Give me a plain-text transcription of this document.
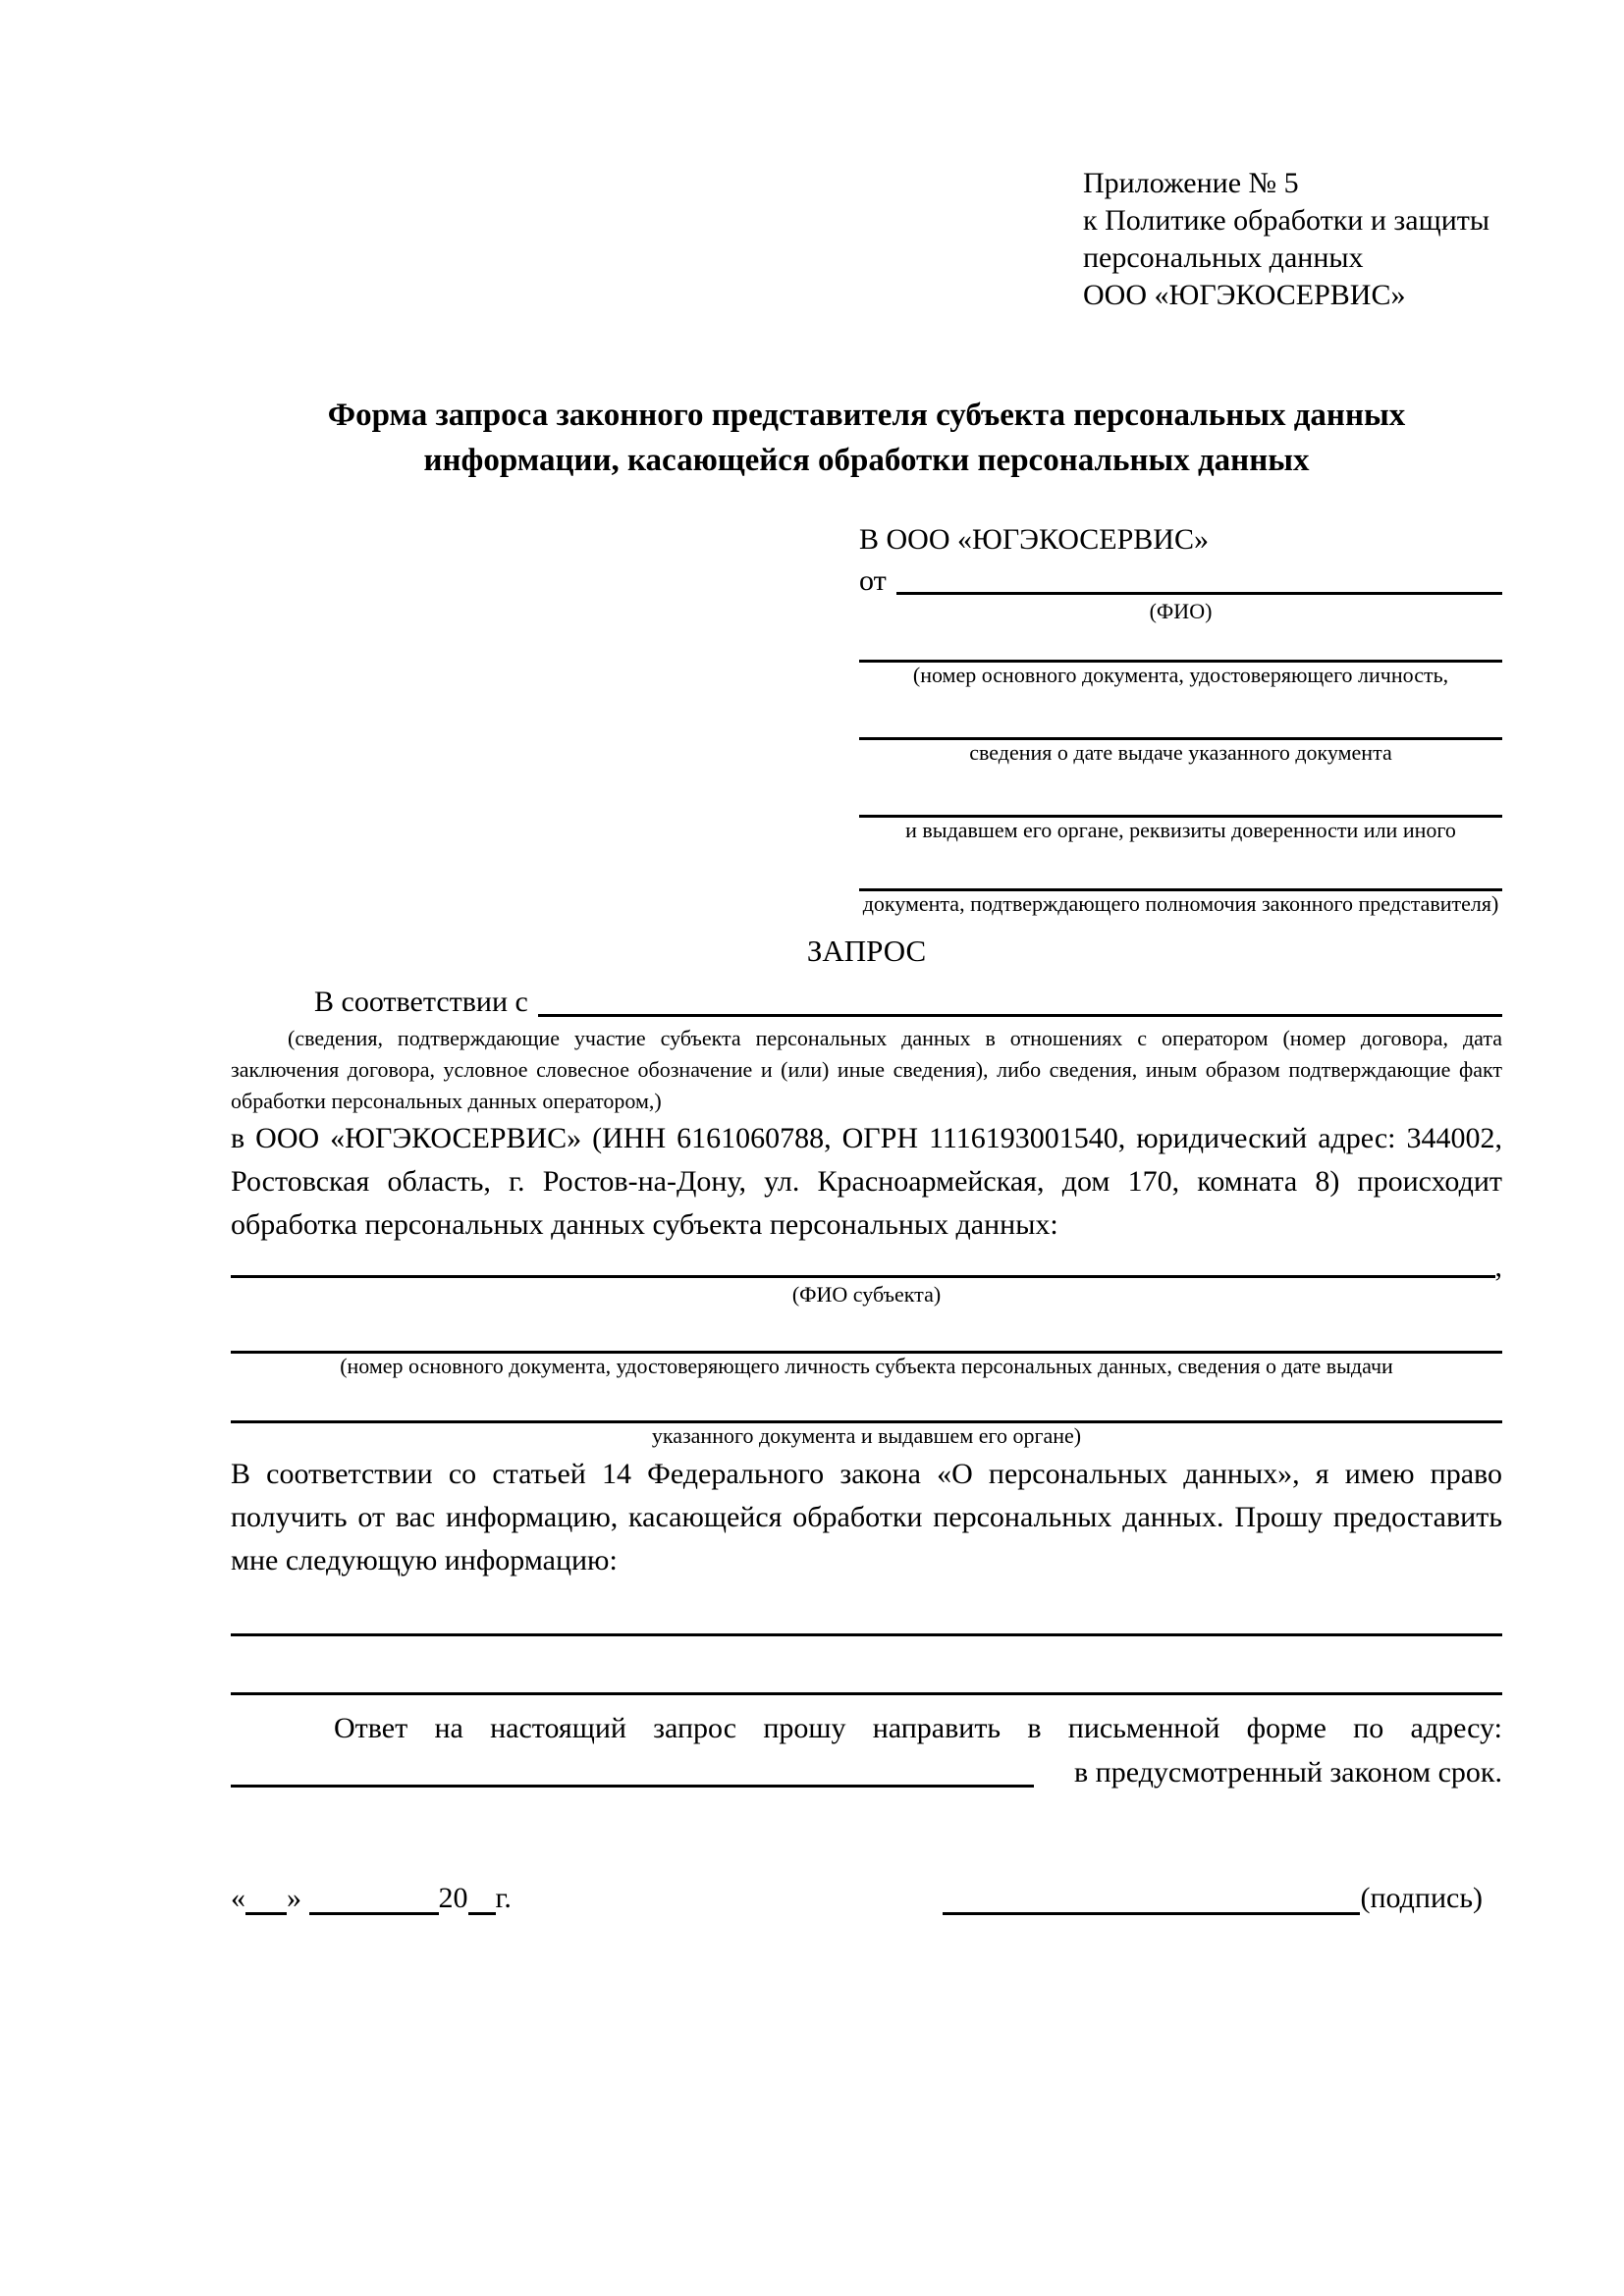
Приложение № 5
к Политике обработки и защиты
персональных данных
ООО «ЮГЭКОСЕРВИС»
Форма запроса законного представителя субъекта персональных данных
информации, касающейся обработки персональных данных
В ООО «ЮГЭКОСЕРВИС»
от
(ФИО)
(номер основного документа, удостоверяющего личность,
сведения о дате выдаче указанного документа
и выдавшем его органе, реквизиты доверенности или иного
документа, подтверждающего полномочия законного представителя)
ЗАПРОС
В соответствии с
(сведения, подтверждающие участие субъекта персональных данных в отношениях с оператором (номер договора, дата заключения договора, условное словесное обозначение и (или) иные сведения), либо сведения, иным образом подтверждающие факт обработки персональных данных оператором,)

в ООО «ЮГЭКОСЕРВИС» (ИНН 6161060788, ОГРН 1116193001540, юридический адрес: 344002, Ростовская область, г. Ростов-на-Дону, ул. Красноармейская, дом 170, комната 8) происходит обработка персональных данных субъекта персональных данных:

,
(ФИО субъекта)
(номер основного документа, удостоверяющего личность субъекта персональных данных, сведения о дате выдачи
указанного документа и выдавшем его органе)

В соответствии со статьей 14 Федерального закона «О персональных данных», я имею право получить от вас информацию, касающейся обработки персональных данных. Прошу предоставить мне следующую информацию:

Ответ на настоящий запрос прошу направить в письменной форме по адресу:
в предусмотренный законом срок.
« »	20 г.	(подпись)
